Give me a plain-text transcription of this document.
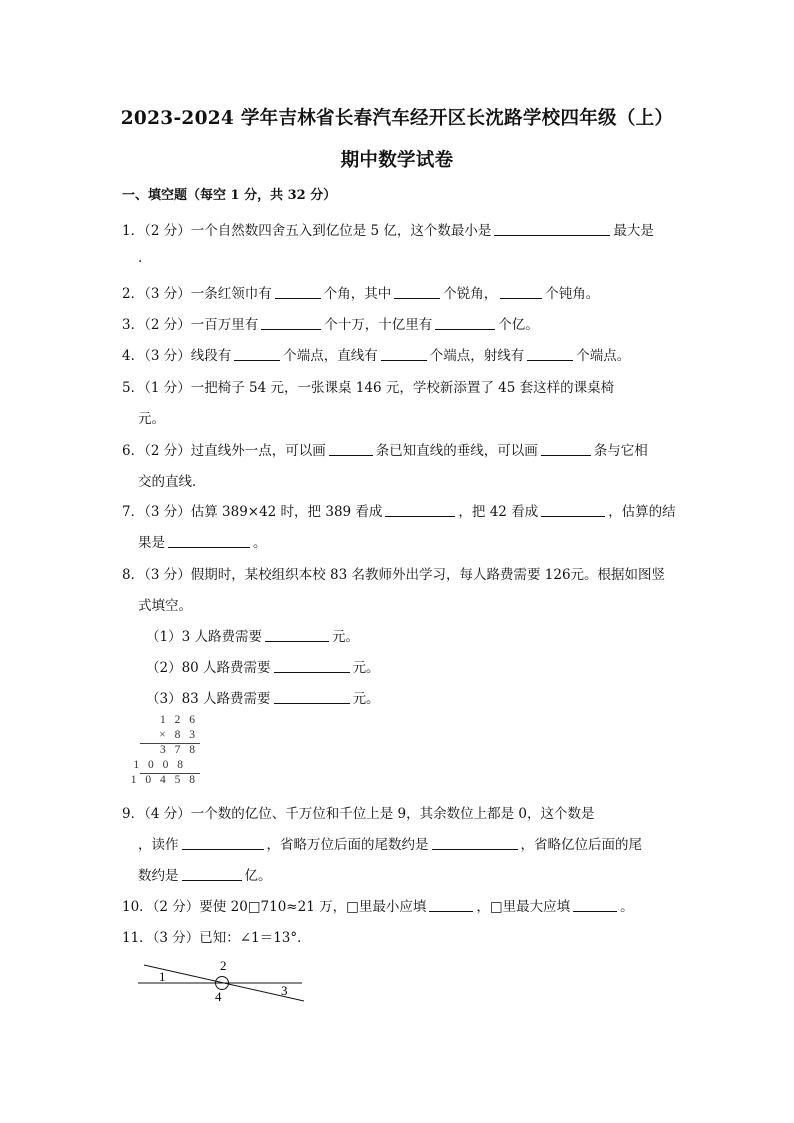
2023-2024 学年吉林省长春汽车经开区长沈路学校四年级（上）
期中数学试卷
一、填空题（每空 1 分，共 32 分）
1．（2 分）一个自然数四舍五入到亿位是 5 亿，这个数最小是	最大是
.
2．（3 分）一条红领巾有	个角，其中	个锐角，	个钝角。
3．（2 分）一百万里有	个十万，十亿里有	个亿。
4．（3 分）线段有	个端点，直线有	个端点，射线有	个端点。
5．（1 分）一把椅子 54 元，一张课桌 146 元，学校新添置了 45 套这样的课桌椅
元。
6．（2 分）过直线外一点，可以画	条已知直线的垂线，可以画	条与它相
交的直线．
7．（3 分）估算 389×42 时，把 389 看成	，把 42 看成	，估算的结
果是	。
8．（3 分）假期时，某校组织本校 83 名教师外出学习，每人路费需要 126元。根据如图竖
式填空。
（1）3 人路费需要	元。
（2）80 人路费需要	元。
（3）83 人路费需要	元。
1 2 6
× 8 3
3 7 8
1 0 0 8
1 0 4 5 8
9．（4 分）一个数的亿位、千万位和千位上是 9，其余数位上都是 0，这个数是
，读作	，省略万位后面的尾数约是	，省略亿位后面的尾
数约是	亿。
10．（2 分）要使 20□710≈21 万，□里最小应填	，□里最大应填	。
11．（3 分）已知：∠1＝13°．
1
2
3
4
